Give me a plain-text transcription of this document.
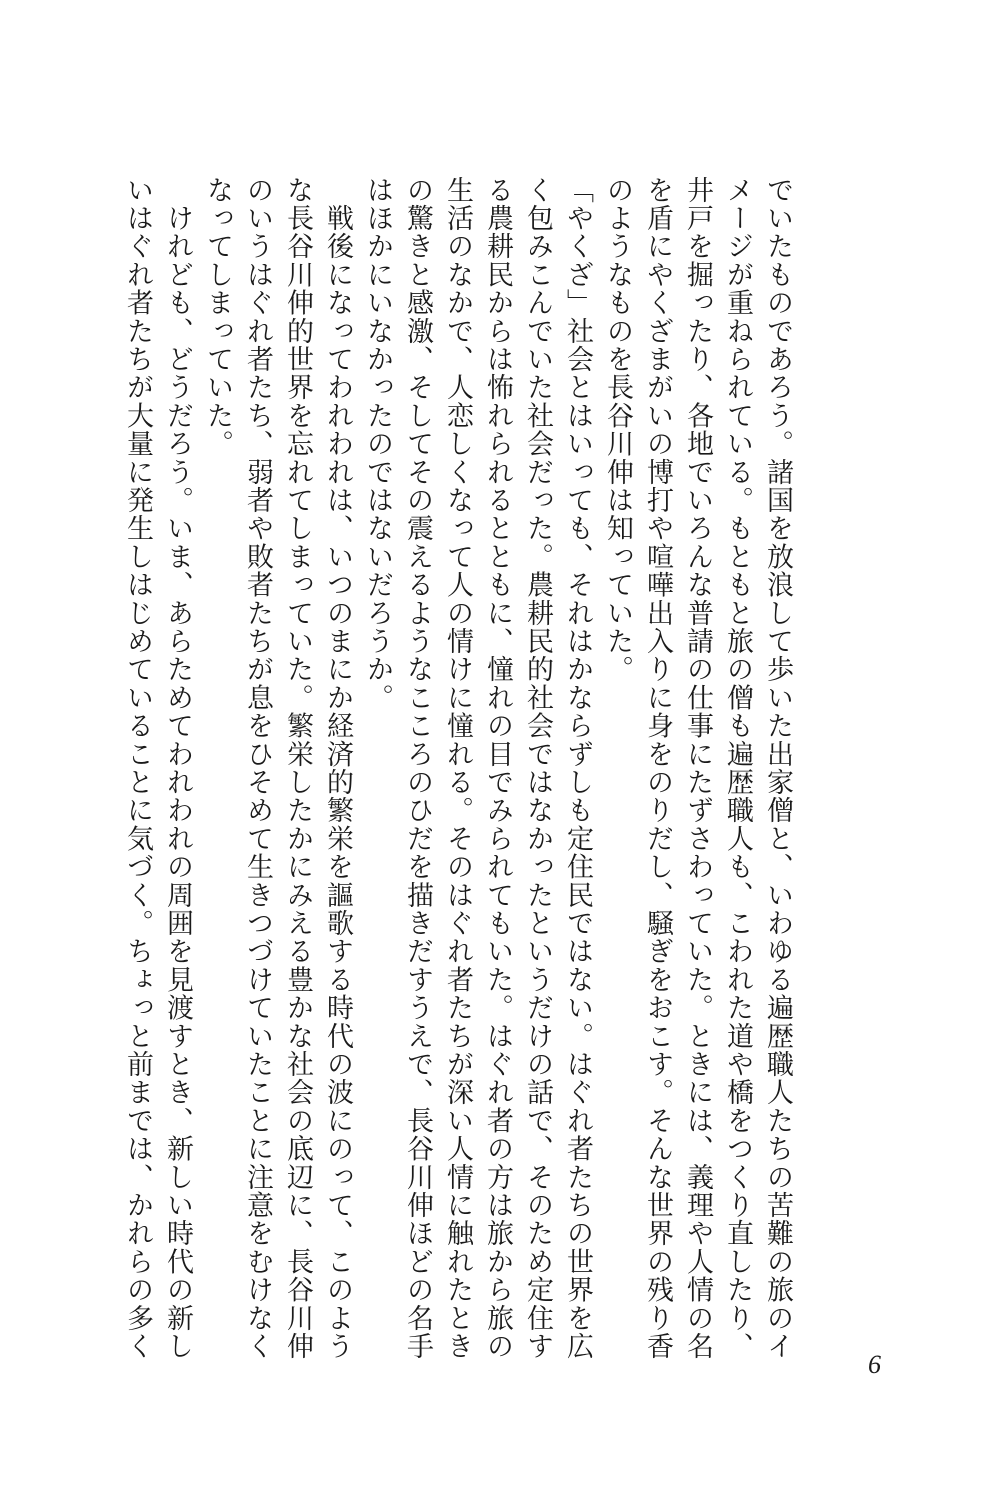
でいたものであろう。諸国を放浪して歩いた出家僧と、いわゆる遍歴職人たちの苦難の旅のイ

メージが重ねられている。もともと旅の僧も遍歴職人も、こわれた道や橋をつくり直したり、

井戸を掘ったり、各地でいろんな普請の仕事にたずさわっていた。ときには、義理や人情の名

を盾にやくざまがいの博打や喧嘩出入りに身をのりだし、騒ぎをおこす。そんな世界の残り香

のようなものを長谷川伸は知っていた。

「やくざ」社会とはいっても、それはかならずしも定住民ではない。はぐれ者たちの世界を広

く包みこんでいた社会だった。農耕民的社会ではなかったというだけの話で、そのため定住す

る農耕民からは怖れられるとともに、憧れの目でみられてもいた。はぐれ者の方は旅から旅の

生活のなかで、人恋しくなって人の情けに憧れる。そのはぐれ者たちが深い人情に触れたとき

の驚きと感激、そしてその震えるようなこころのひだを描きだすうえで、長谷川伸ほどの名手

はほかにいなかったのではないだろうか。

　戦後になってわれわれは、いつのまにか経済的繁栄を謳歌する時代の波にのって、このよう

な長谷川伸的世界を忘れてしまっていた。繁栄したかにみえる豊かな社会の底辺に、長谷川伸

のいうはぐれ者たち、弱者や敗者たちが息をひそめて生きつづけていたことに注意をむけなく

なってしまっていた。

　けれども、どうだろう。いま、あらためてわれわれの周囲を見渡すとき、新しい時代の新し

いはぐれ者たちが大量に発生しはじめていることに気づく。ちょっと前までは、かれらの多く

6
